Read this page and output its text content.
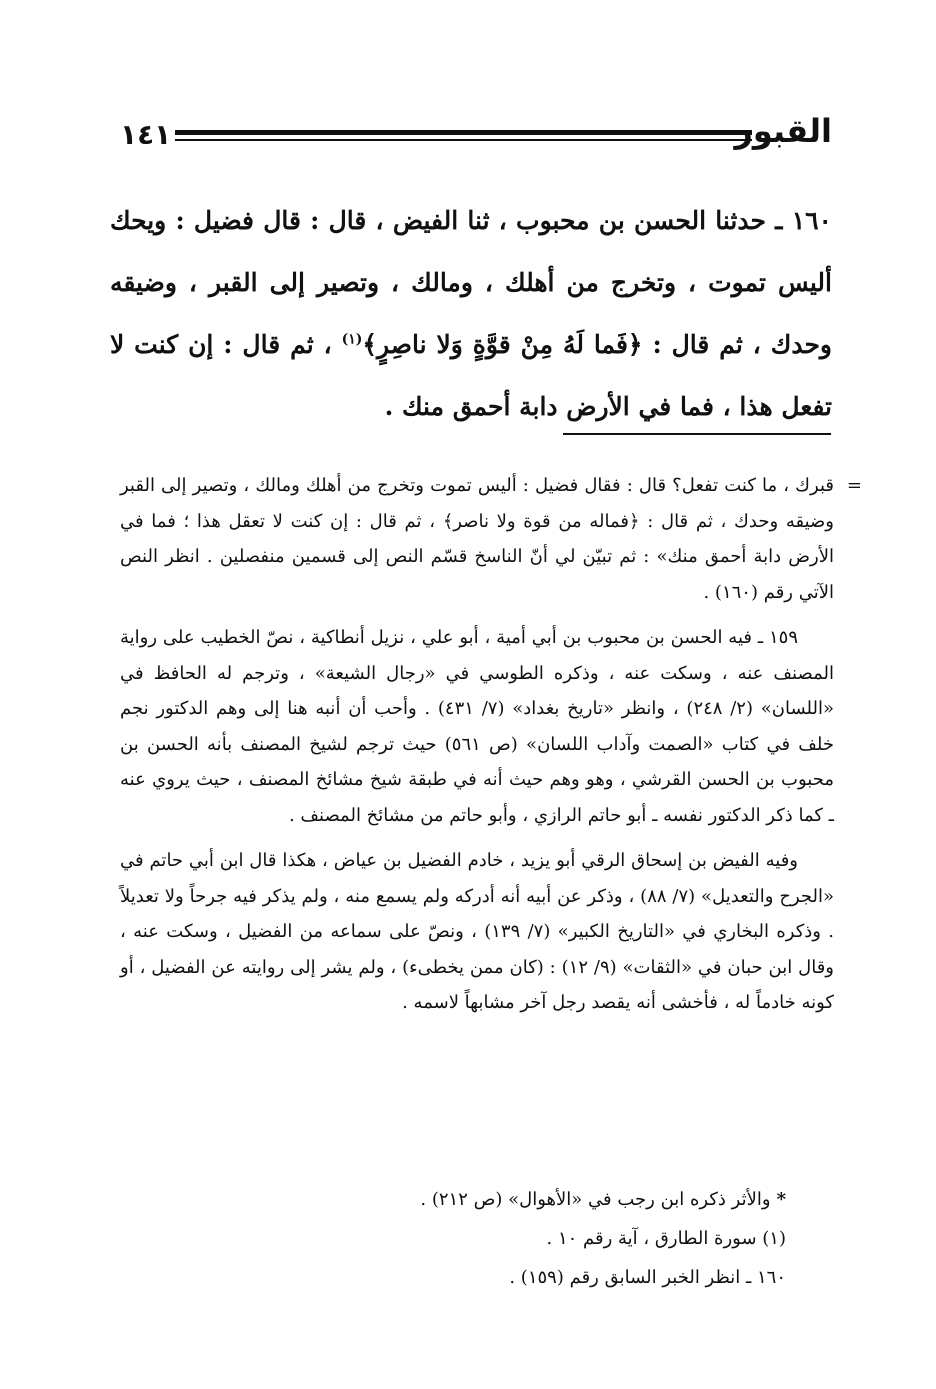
١٤١	القبور

١٦٠ ـ حدثنا الحسن بن محبوب ، ثنا الفيض ، قال : قال فضيل : ويحك أليس تموت ، وتخرج من أهلك ، ومالك ، وتصير إلى القبر ، وضيقه وحدك ، ثم قال : ﴿فَما لَهُ مِنْ قوَّةٍ وَلا ناصِرٍ﴾$^{(١)}$ ، ثم قال : إن كنت لا تفعل هذا ، فما في الأرض دابة أحمق منك .

=
قبرك ، ما كنت تفعل؟ قال : فقال فضيل : أليس تموت وتخرج من أهلك ومالك ، وتصير إلى القبر وضيقه وحدك ، ثم قال : ﴿فماله من قوة ولا ناصر﴾ ، ثم قال : إن كنت لا تعقل هذا ؛ فما في الأرض دابة أحمق منك» : ثم تبيّن لي أنّ الناسخ قسّم النص إلى قسمين منفصلين . انظر النص الآتي رقم (١٦٠) .

١٥٩ ـ فيه الحسن بن محبوب بن أبي أمية ، أبو علي ، نزيل أنطاكية ، نصّ الخطيب على رواية المصنف عنه ، وسكت عنه ، وذكره الطوسي في «رجال الشيعة» ، وترجم له الحافظ في «اللسان» (٢/ ٢٤٨) ، وانظر «تاريخ بغداد» (٧/ ٤٣١) . وأحب أن أنبه هنا إلى وهم الدكتور نجم خلف في كتاب «الصمت وآداب اللسان» (ص ٥٦١) حيث ترجم لشيخ المصنف بأنه الحسن بن محبوب بن الحسن القرشي ، وهو وهم حيث أنه في طبقة شيخ مشائخ المصنف ، حيث يروي عنه ـ كما ذكر الدكتور نفسه ـ أبو حاتم الرازي ، وأبو حاتم من مشائخ المصنف .

وفيه الفيض بن إسحاق الرقي أبو يزيد ، خادم الفضيل بن عياض ، هكذا قال ابن أبي حاتم في «الجرح والتعديل» (٧/ ٨٨) ، وذكر عن أبيه أنه أدركه ولم يسمع منه ، ولم يذكر فيه جرحاً ولا تعديلاً . وذكره البخاري في «التاريخ الكبير» (٧/ ١٣٩) ، ونصّ على سماعه من الفضيل ، وسكت عنه ، وقال ابن حبان في «الثقات» (٩/ ١٢) : (كان ممن يخطىء) ، ولم يشر إلى روايته عن الفضيل ، أو كونه خادماً له ، فأخشى أنه يقصد رجل آخر مشابهاً لاسمه .

*والأثر ذكره ابن رجب في «الأهوال» (ص ٢١٢) .
(١) سورة الطارق ، آية رقم ١٠ .
١٦٠ ـ انظر الخبر السابق رقم (١٥٩) .
